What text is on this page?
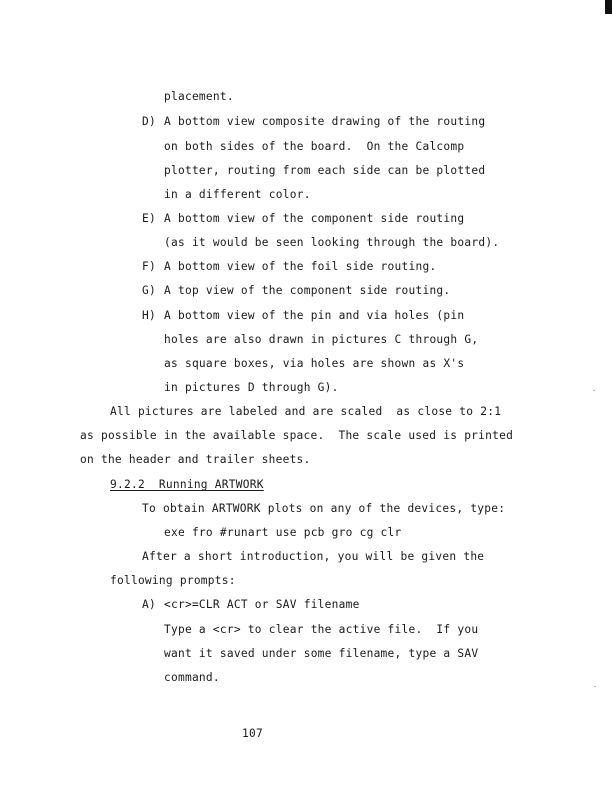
placement.
D) A bottom view composite drawing of the routing
on both sides of the board.  On the Calcomp
plotter, routing from each side can be plotted
in a different color.
E) A bottom view of the component side routing
(as it would be seen looking through the board).
F) A bottom view of the foil side routing.
G) A top view of the component side routing.
H) A bottom view of the pin and via holes (pin
holes are also drawn in pictures C through G,
as square boxes, via holes are shown as X's
in pictures D through G).
All pictures are labeled and are scaled  as close to 2:1
as possible in the available space.  The scale used is printed
on the header and trailer sheets.
9.2.2  Running ARTWORK
To obtain ARTWORK plots on any of the devices, type:
exe fro #runart use pcb gro cg clr
After a short introduction, you will be given the
following prompts:
A) <cr>=CLR ACT or SAV filename
Type a <cr> to clear the active file.  If you
want it saved under some filename, type a SAV
command.
107
